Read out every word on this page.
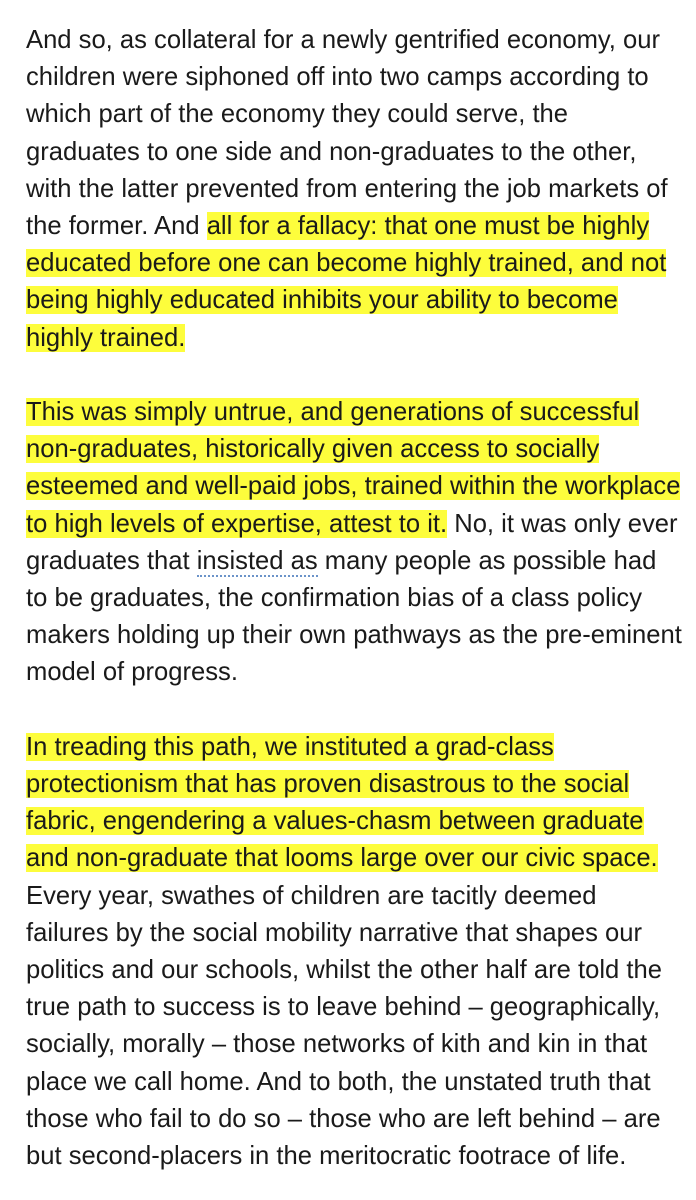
And so, as collateral for a newly gentrified economy, our children were siphoned off into two camps according to which part of the economy they could serve, the graduates to one side and non-graduates to the other, with the latter prevented from entering the job markets of the former. And all for a fallacy: that one must be highly educated before one can become highly trained, and not being highly educated inhibits your ability to become highly trained.

This was simply untrue, and generations of successful non-graduates, historically given access to socially esteemed and well-paid jobs, trained within the workplace to high levels of expertise, attest to it. No, it was only ever graduates that insisted as many people as possible had to be graduates, the confirmation bias of a class policy makers holding up their own pathways as the pre-eminent model of progress.

In treading this path, we instituted a grad-class protectionism that has proven disastrous to the social fabric, engendering a values-chasm between graduate and non-graduate that looms large over our civic space.  Every year, swathes of children are tacitly deemed failures by the social mobility narrative that shapes our politics and our schools, whilst the other half are told the true path to success is to leave behind – geographically, socially, morally – those networks of kith and kin in that place we call home. And to both, the unstated truth that those who fail to do so – those who are left behind – are but second-placers in the meritocratic footrace of life.
